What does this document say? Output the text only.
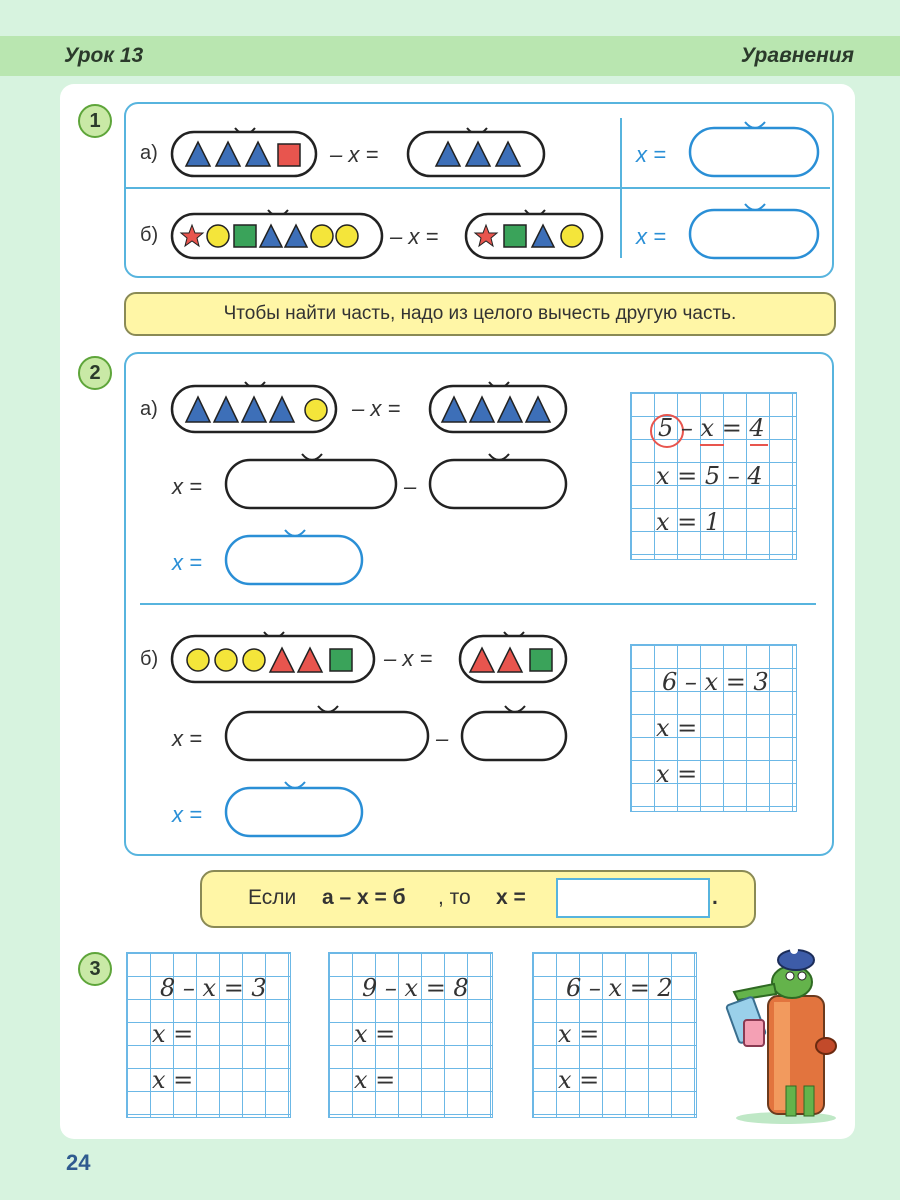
Урок 13	Уравнения
1
а)	– х =	х =
б)	– х =	х =
Чтобы найти часть, надо из целого вычесть другую часть.
2
а)	– х =
х =	–
х =
5 – х = 4
х = 5 – 4
х = 1
б)	– х =
х =	–
х =
6 – х = 3
х =
х =
Если а – х = б , то х =	.
3
8 – х = 3
х =
х =
9 – х = 8
х =
х =
6 – х = 2
х =
х =
24
